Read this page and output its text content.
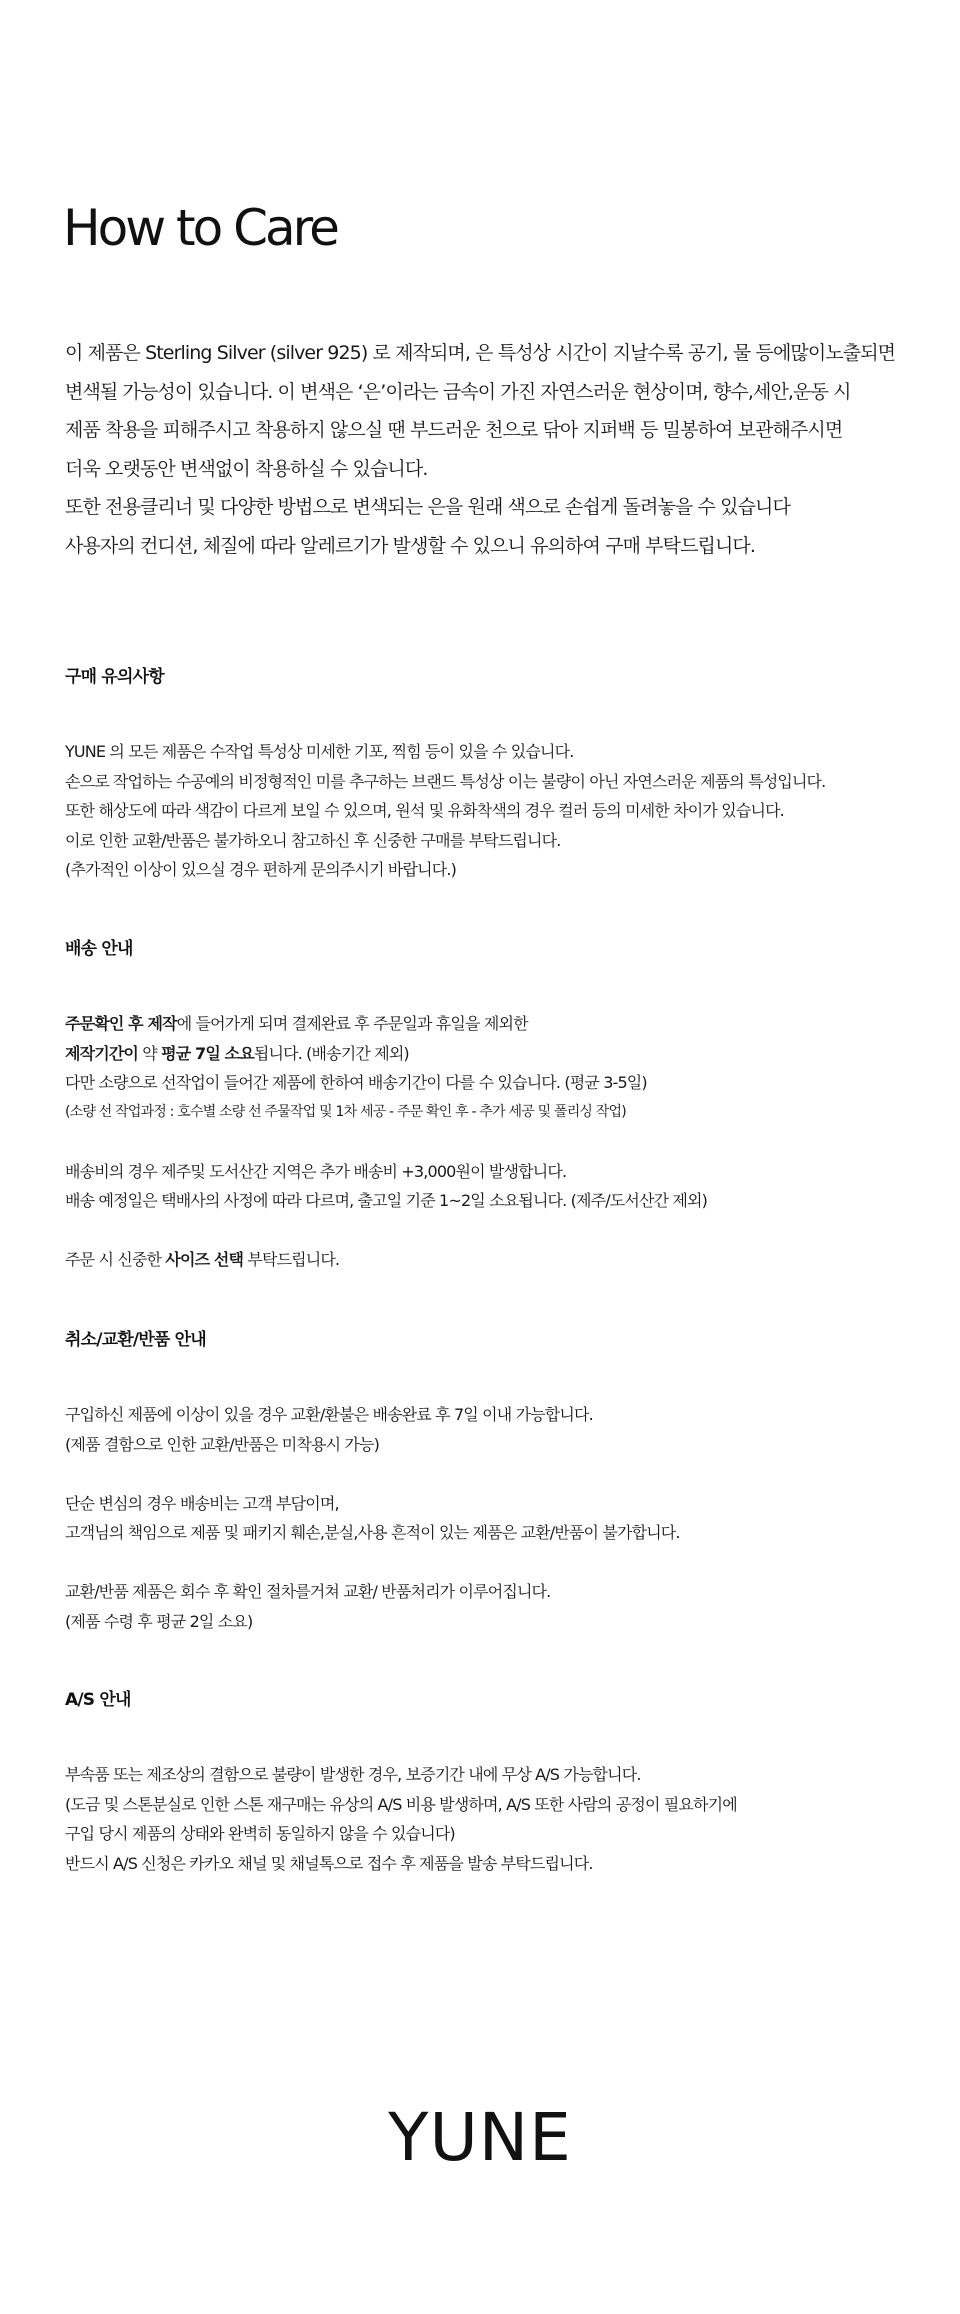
How to Care
이 제품은 Sterling Silver (silver 925) 로 제작되며, 은 특성상 시간이 지날수록 공기, 물 등에많이노출되면
변색될 가능성이 있습니다. 이 변색은 ‘은’이라는 금속이 가진 자연스러운 현상이며, 향수,세안,운동 시
제품 착용을 피해주시고 착용하지 않으실 땐 부드러운 천으로 닦아 지퍼백 등 밀봉하여 보관해주시면
더욱 오랫동안 변색없이 착용하실 수 있습니다.
또한 전용클리너 및 다양한 방법으로 변색되는 은을 원래 색으로 손쉽게 돌려놓을 수 있습니다
사용자의 컨디션, 체질에 따라 알레르기가 발생할 수 있으니 유의하여 구매 부탁드립니다.
구매 유의사항
YUNE 의 모든 제품은 수작업 특성상 미세한 기포, 찍힘 등이 있을 수 있습니다.
손으로 작업하는 수공예의 비정형적인 미를 추구하는 브랜드 특성상 이는 불량이 아닌 자연스러운 제품의 특성입니다.
또한 해상도에 따라 색감이 다르게 보일 수 있으며, 원석 및 유화착색의 경우 컬러 등의 미세한 차이가 있습니다.
이로 인한 교환/반품은 불가하오니 참고하신 후 신중한 구매를 부탁드립니다.
(추가적인 이상이 있으실 경우 편하게 문의주시기 바랍니다.)
배송 안내
주문확인 후 제작에 들어가게 되며 결제완료 후 주문일과 휴일을 제외한
제작기간이 약 평균 7일 소요됩니다. (배송기간 제외)
다만 소량으로 선작업이 들어간 제품에 한하여 배송기간이 다를 수 있습니다. (평균 3-5일)
(소량 선 작업과정 : 호수별 소량 선 주물작업 및 1차 세공 - 주문 확인 후 - 추가 세공 및 폴리싱 작업)
배송비의 경우 제주및 도서산간 지역은 추가 배송비 +3,000원이 발생합니다.
배송 예정일은 택배사의 사정에 따라 다르며, 출고일 기준 1~2일 소요됩니다. (제주/도서산간 제외)
주문 시 신중한 사이즈 선택 부탁드립니다.
취소/교환/반품 안내
구입하신 제품에 이상이 있을 경우 교환/환불은 배송완료 후 7일 이내 가능합니다.
(제품 결함으로 인한 교환/반품은 미착용시 가능)
단순 변심의 경우 배송비는 고객 부담이며,
고객님의 책임으로 제품 및 패키지 훼손,분실,사용 흔적이 있는 제품은 교환/반품이 불가합니다.
교환/반품 제품은 회수 후 확인 절차를거쳐 교환/ 반품처리가 이루어집니다.
(제품 수령 후 평균 2일 소요)
A/S 안내
부속품 또는 제조상의 결함으로 불량이 발생한 경우, 보증기간 내에 무상 A/S 가능합니다.
(도금 및 스톤분실로 인한 스톤 재구매는 유상의 A/S 비용 발생하며, A/S 또한 사람의 공정이 필요하기에
구입 당시 제품의 상태와 완벽히 동일하지 않을 수 있습니다)
반드시 A/S 신청은 카카오 채널 및 채널톡으로 접수 후 제품을 발송 부탁드립니다.
YUNE
